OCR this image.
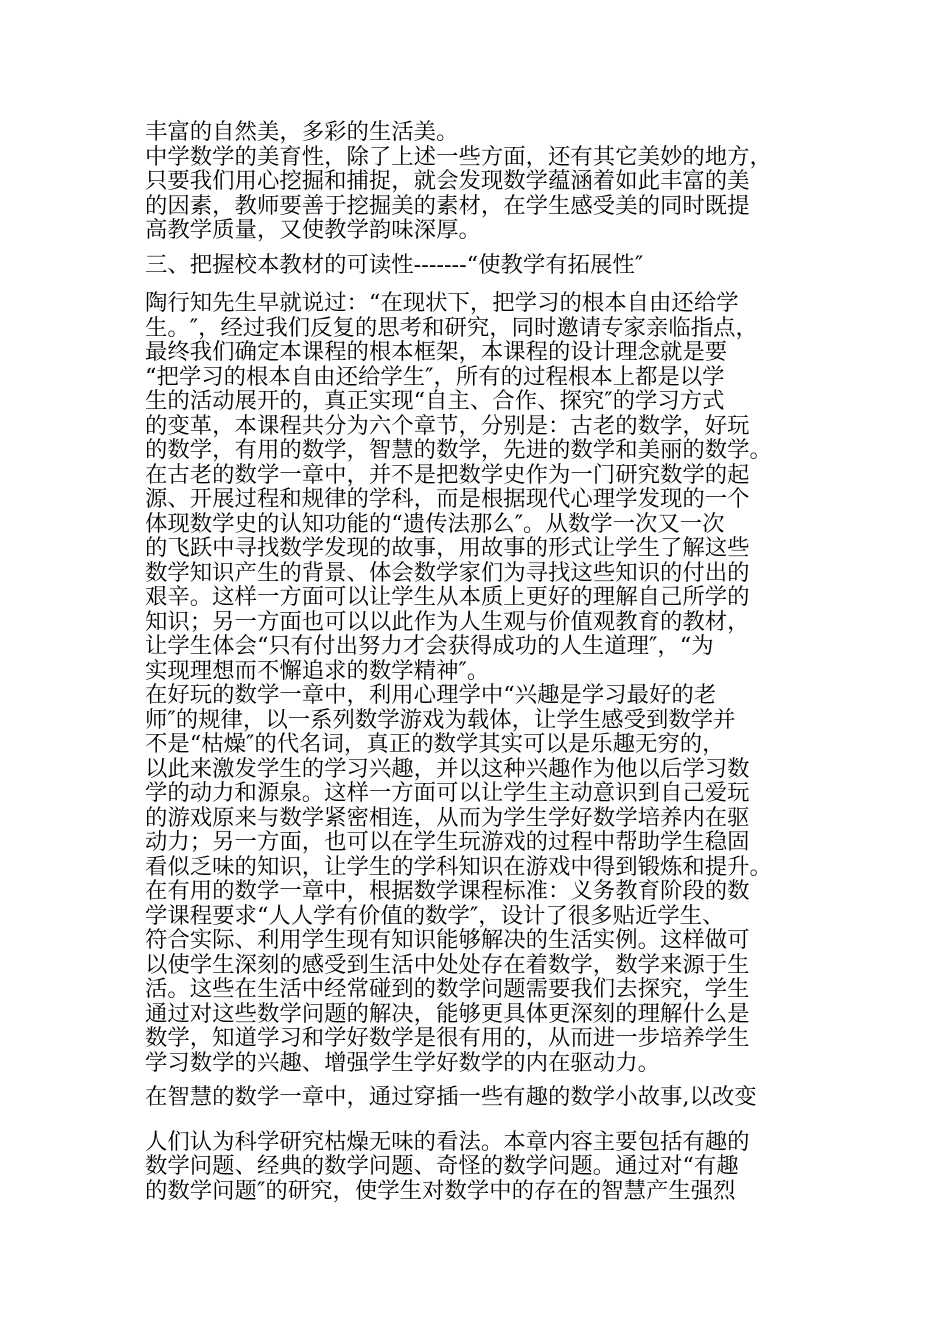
丰富的自然美，多彩的生活美。
中学数学的美育性，除了上述一些方面，还有其它美妙的地方，
只要我们用心挖掘和捕捉，就会发现数学蕴涵着如此丰富的美
的因素，教师要善于挖掘美的素材，在学生感受美的同时既提
高教学质量，又使教学韵味深厚。
三、把握校本教材的可读性-------“使教学有拓展性″
陶行知先生早就说过：“在现状下，把学习的根本自由还给学
生。″，经过我们反复的思考和研究，同时邀请专家亲临指点，
最终我们确定本课程的根本框架，本课程的设计理念就是要
“把学习的根本自由还给学生″，所有的过程根本上都是以学
生的活动展开的，真正实现“自主、合作、探究″的学习方式
的变革，本课程共分为六个章节，分别是：古老的数学，好玩
的数学，有用的数学，智慧的数学，先进的数学和美丽的数学。
在古老的数学一章中，并不是把数学史作为一门研究数学的起
源、开展过程和规律的学科，而是根据现代心理学发现的一个
体现数学史的认知功能的“遗传法那么″。从数学一次又一次
的飞跃中寻找数学发现的故事，用故事的形式让学生了解这些
数学知识产生的背景、体会数学家们为寻找这些知识的付出的
艰辛。这样一方面可以让学生从本质上更好的理解自己所学的
知识；另一方面也可以以此作为人生观与价值观教育的教材，
让学生体会“只有付出努力才会获得成功的人生道理″，“为
实现理想而不懈追求的数学精神″。
在好玩的数学一章中，利用心理学中“兴趣是学习最好的老
师″的规律，以一系列数学游戏为载体，让学生感受到数学并
不是“枯燥″的代名词，真正的数学其实可以是乐趣无穷的，
以此来激发学生的学习兴趣，并以这种兴趣作为他以后学习数
学的动力和源泉。这样一方面可以让学生主动意识到自己爱玩
的游戏原来与数学紧密相连，从而为学生学好数学培养内在驱
动力；另一方面，也可以在学生玩游戏的过程中帮助学生稳固
看似乏味的知识，让学生的学科知识在游戏中得到锻炼和提升。
在有用的数学一章中，根据数学课程标准：义务教育阶段的数
学课程要求“人人学有价值的数学″，设计了很多贴近学生、
符合实际、利用学生现有知识能够解决的生活实例。这样做可
以使学生深刻的感受到生活中处处存在着数学，数学来源于生
活。这些在生活中经常碰到的数学问题需要我们去探究，学生
通过对这些数学问题的解决，能够更具体更深刻的理解什么是
数学，知道学习和学好数学是很有用的，从而进一步培养学生
学习数学的兴趣、增强学生学好数学的内在驱动力。
在智慧的数学一章中，通过穿插一些有趣的数学小故事,以改变
人们认为科学研究枯燥无味的看法。本章内容主要包括有趣的
数学问题、经典的数学问题、奇怪的数学问题。通过对“有趣
的数学问题″的研究，使学生对数学中的存在的智慧产生强烈
